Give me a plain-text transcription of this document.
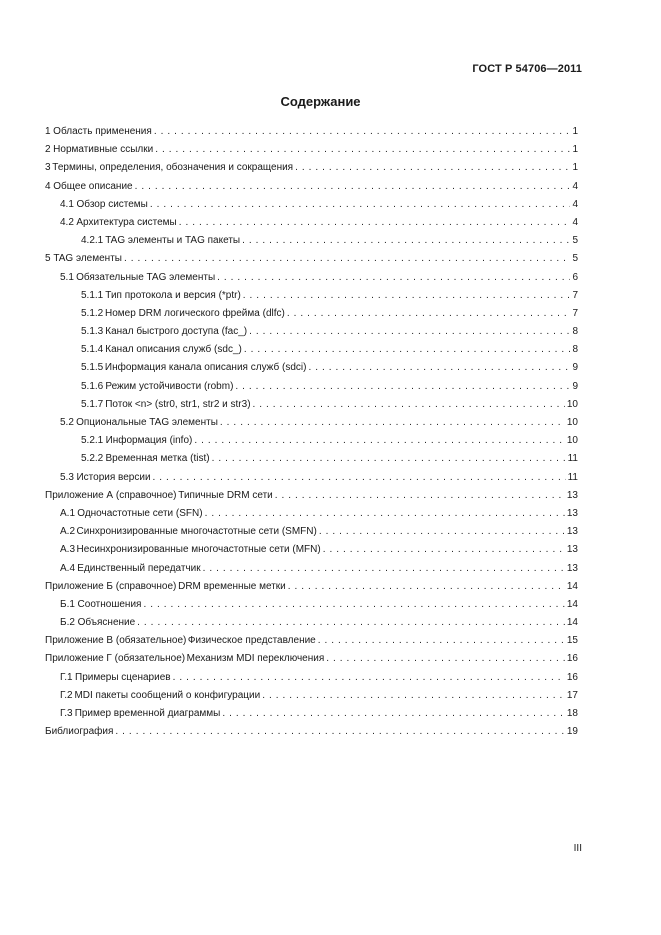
ГОСТ Р 54706—2011
Содержание
1 Область применения . . .	1
2 Нормативные ссылки . . .	1
3 Термины, определения, обозначения и сокращения . . .	1
4 Общее описание . . .	4
4.1 Обзор системы . . .	4
4.2 Архитектура системы . . .	4
4.2.1 TAG элементы и TAG пакеты . . .	5
5 TAG элементы . . .	5
5.1 Обязательные TAG элементы . . .	6
5.1.1 Тип протокола и версия (*ptr) . . .	7
5.1.2 Номер DRM логического фрейма (dlfc) . . .	7
5.1.3 Канал быстрого доступа (fac_) . . .	8
5.1.4 Канал описания служб (sdc_) . . .	8
5.1.5 Информация канала описания служб (sdci) . . .	9
5.1.6 Режим устойчивости (robm) . . .	9
5.1.7 Поток <n> (str0, str1, str2 и str3) . . .	10
5.2 Опциональные TAG элементы . . .	10
5.2.1 Информация (info) . . .	10
5.2.2 Временная метка (tist) . . .	11
5.3 История версии . . .	11
Приложение А (справочное) Типичные DRM сети . . .	13
А.1 Одночастотные сети (SFN) . . .	13
А.2 Синхронизированные многочастотные сети (SMFN) . . .	13
А.3 Несинхронизированные многочастотные сети (MFN) . . .	13
А.4 Единственный передатчик . . .	13
Приложение Б (справочное) DRM временные метки . . .	14
Б.1 Соотношения . . .	14
Б.2 Объяснение . . .	14
Приложение В (обязательное) Физическое представление . . .	15
Приложение Г (обязательное) Механизм MDI переключения . . .	16
Г.1 Примеры сценариев . . .	16
Г.2 MDI пакеты сообщений о конфигурации . . .	17
Г.3 Пример временной диаграммы . . .	18
Библиография . . .	19
III
